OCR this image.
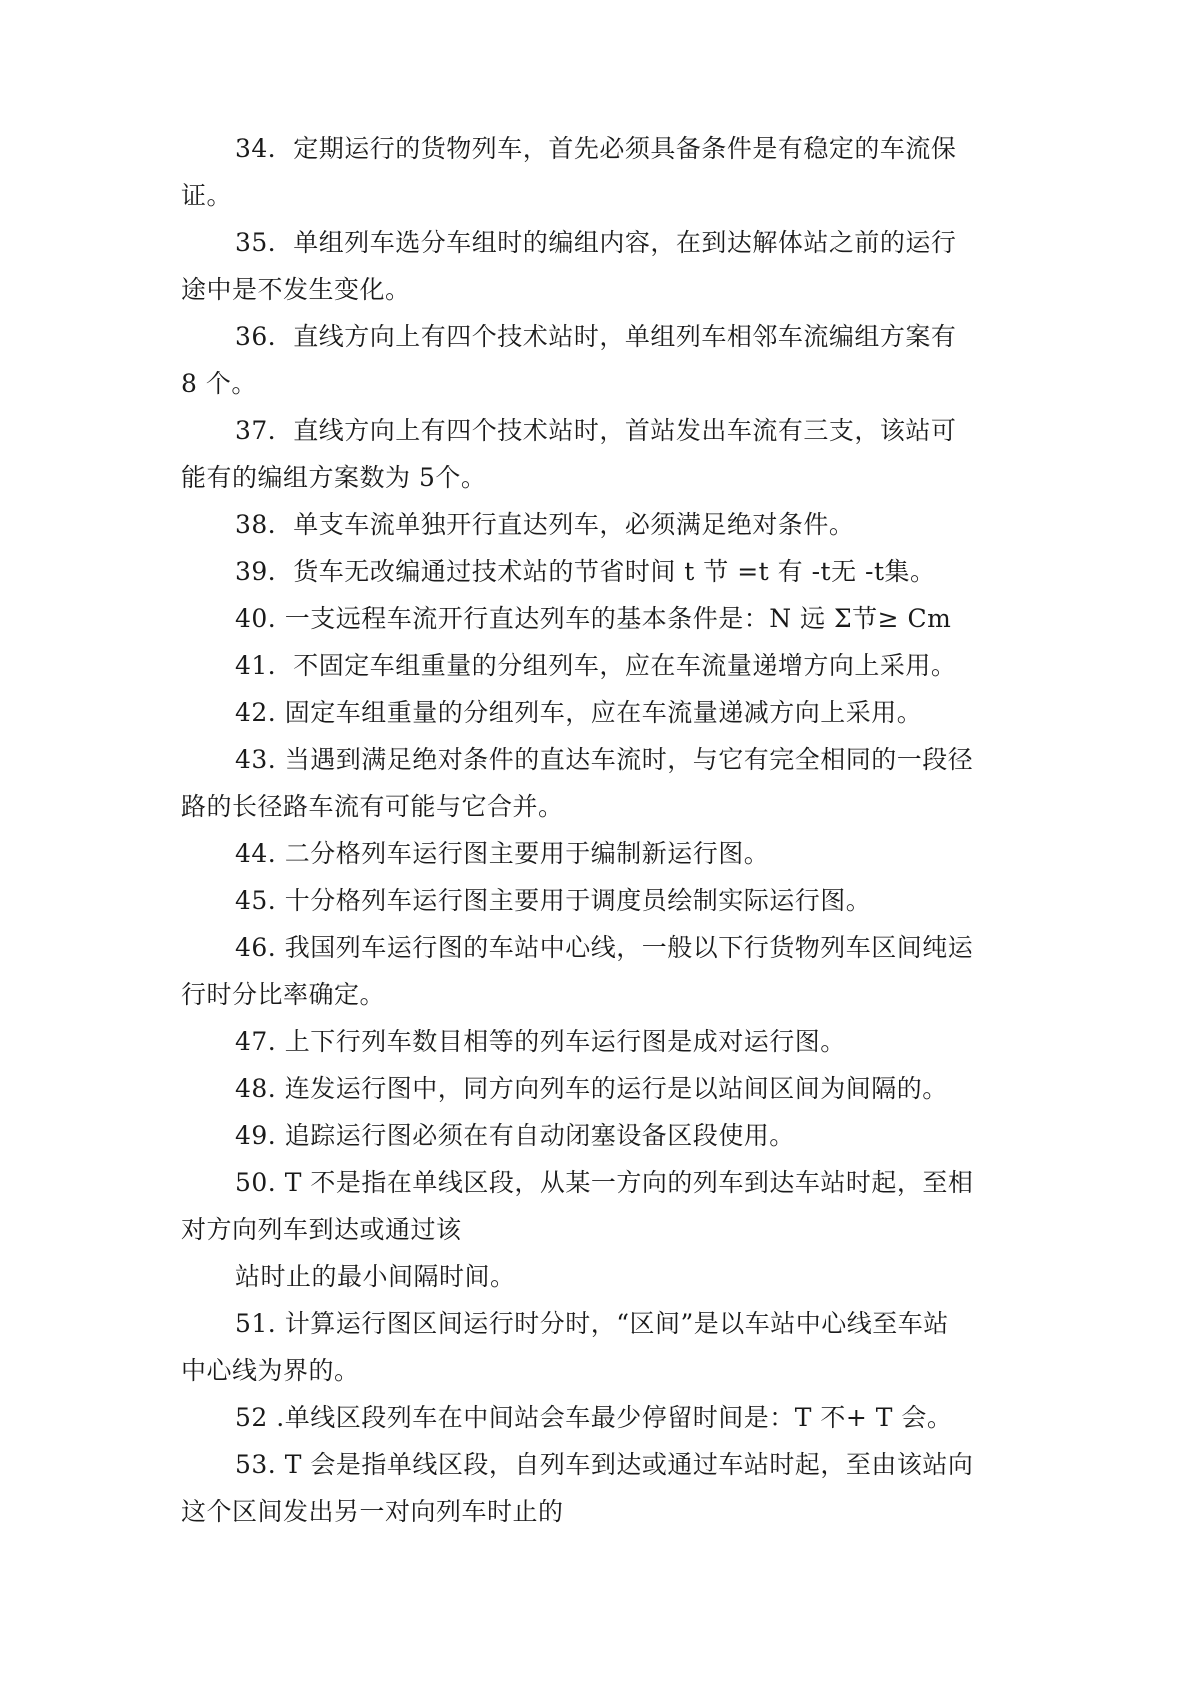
34．定期运行的货物列车，首先必须具备条件是有稳定的车流保
证。
35．单组列车选分车组时的编组内容，在到达解体站之前的运行
途中是不发生变化。
36．直线方向上有四个技术站时，单组列车相邻车流编组方案有
8 个。
37．直线方向上有四个技术站时，首站发出车流有三支，该站可
能有的编组方案数为 5个。
38．单支车流单独开行直达列车，必须满足绝对条件。
39．货车无改编通过技术站的节省时间 t 节 =t 有 -t无 -t集。
40. 一支远程车流开行直达列车的基本条件是：N 远 Σ节≥ Cm
41．不固定车组重量的分组列车，应在车流量递增方向上采用。
42. 固定车组重量的分组列车，应在车流量递减方向上采用。
43. 当遇到满足绝对条件的直达车流时，与它有完全相同的一段径
路的长径路车流有可能与它合并。
44. 二分格列车运行图主要用于编制新运行图。
45. 十分格列车运行图主要用于调度员绘制实际运行图。
46. 我国列车运行图的车站中心线，一般以下行货物列车区间纯运
行时分比率确定。
47. 上下行列车数目相等的列车运行图是成对运行图。
48. 连发运行图中，同方向列车的运行是以站间区间为间隔的。
49. 追踪运行图必须在有自动闭塞设备区段使用。
50. T 不是指在单线区段，从某一方向的列车到达车站时起，至相
对方向列车到达或通过该
站时止的最小间隔时间。
51. 计算运行图区间运行时分时，“区间”是以车站中心线至车站
中心线为界的。
52 .单线区段列车在中间站会车最少停留时间是：T 不+ T 会。
53. T 会是指单线区段，自列车到达或通过车站时起，至由该站向
这个区间发出另一对向列车时止的
